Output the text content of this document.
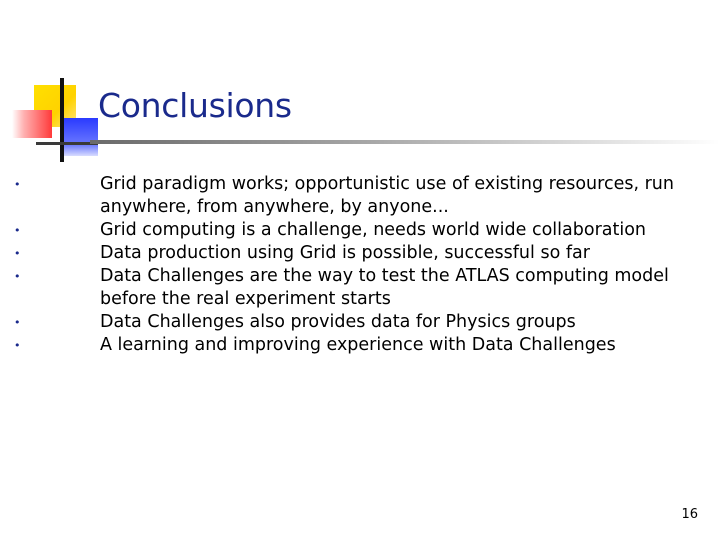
Conclusions
•	Grid paradigm works; opportunistic use of existing resources, run anywhere, from anywhere, by anyone...
•	Grid computing is a challenge, needs world wide collaboration
•	Data production using Grid is possible, successful so far
•	Data Challenges are the way to test the ATLAS computing model before the real experiment starts
•	Data Challenges also provides data for Physics groups
•	A learning and improving experience with Data Challenges
16
